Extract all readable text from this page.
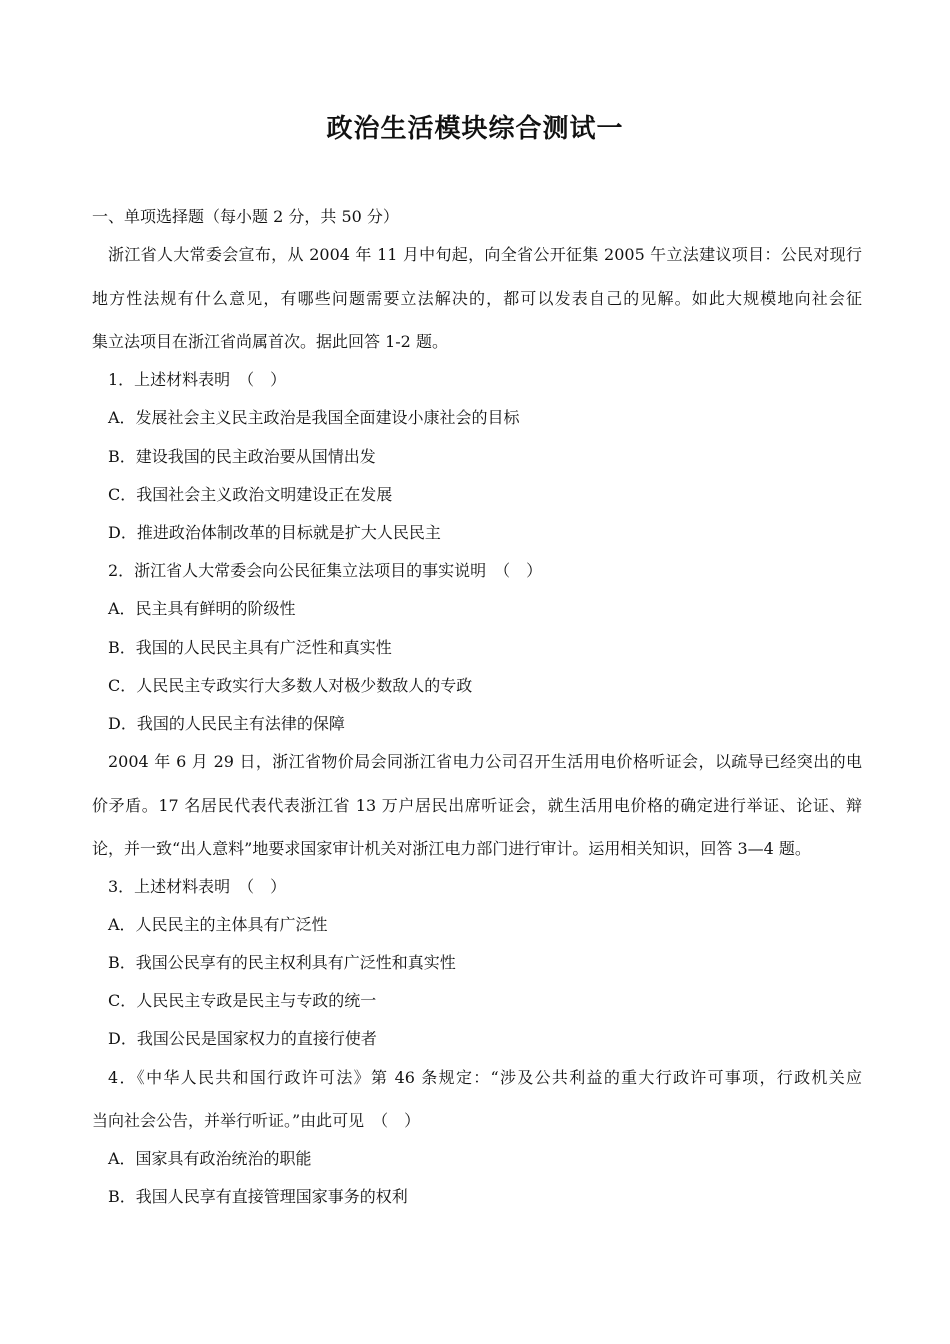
政治生活模块综合测试一

一、单项选择题（每小题 2 分，共 50 分）

浙江省人大常委会宣布，从 2004 年 11 月中旬起，向全省公开征集 2005 午立法建议项目：公民对现行

地方性法规有什么意见，有哪些问题需要立法解决的，都可以发表自己的见解。如此大规模地向社会征

集立法项目在浙江省尚属首次。据此回答 1-2 题。

1．上述材料表明　（　）

A．发展社会主义民主政治是我国全面建设小康社会的目标

B．建设我国的民主政治要从国情出发

C．我国社会主义政治文明建设正在发展

D．推进政治体制改革的目标就是扩大人民民主

2．浙江省人大常委会向公民征集立法项目的事实说明　（　）

A．民主具有鲜明的阶级性

B．我国的人民民主具有广泛性和真实性

C．人民民主专政实行大多数人对极少数敌人的专政

D．我国的人民民主有法律的保障

2004 年 6 月 29 日，浙江省物价局会同浙江省电力公司召开生活用电价格听证会，以疏导已经突出的电

价矛盾。17 名居民代表代表浙江省 13 万户居民出席听证会，就生活用电价格的确定进行举证、论证、辩

论，并一致“出人意料”地要求国家审计机关对浙江电力部门进行审计。运用相关知识，回答 3—4 题。

3．上述材料表明　（　）

A．人民民主的主体具有广泛性

B．我国公民享有的民主权利具有广泛性和真实性

C．人民民主专政是民主与专政的统一

D．我国公民是国家权力的直接行使者

4．《中华人民共和国行政许可法》第 46 条规定：“涉及公共利益的重大行政许可事项，行政机关应

当向社会公告，并举行听证。”由此可见　（　）

A．国家具有政治统治的职能

B．我国人民享有直接管理国家事务的权利
